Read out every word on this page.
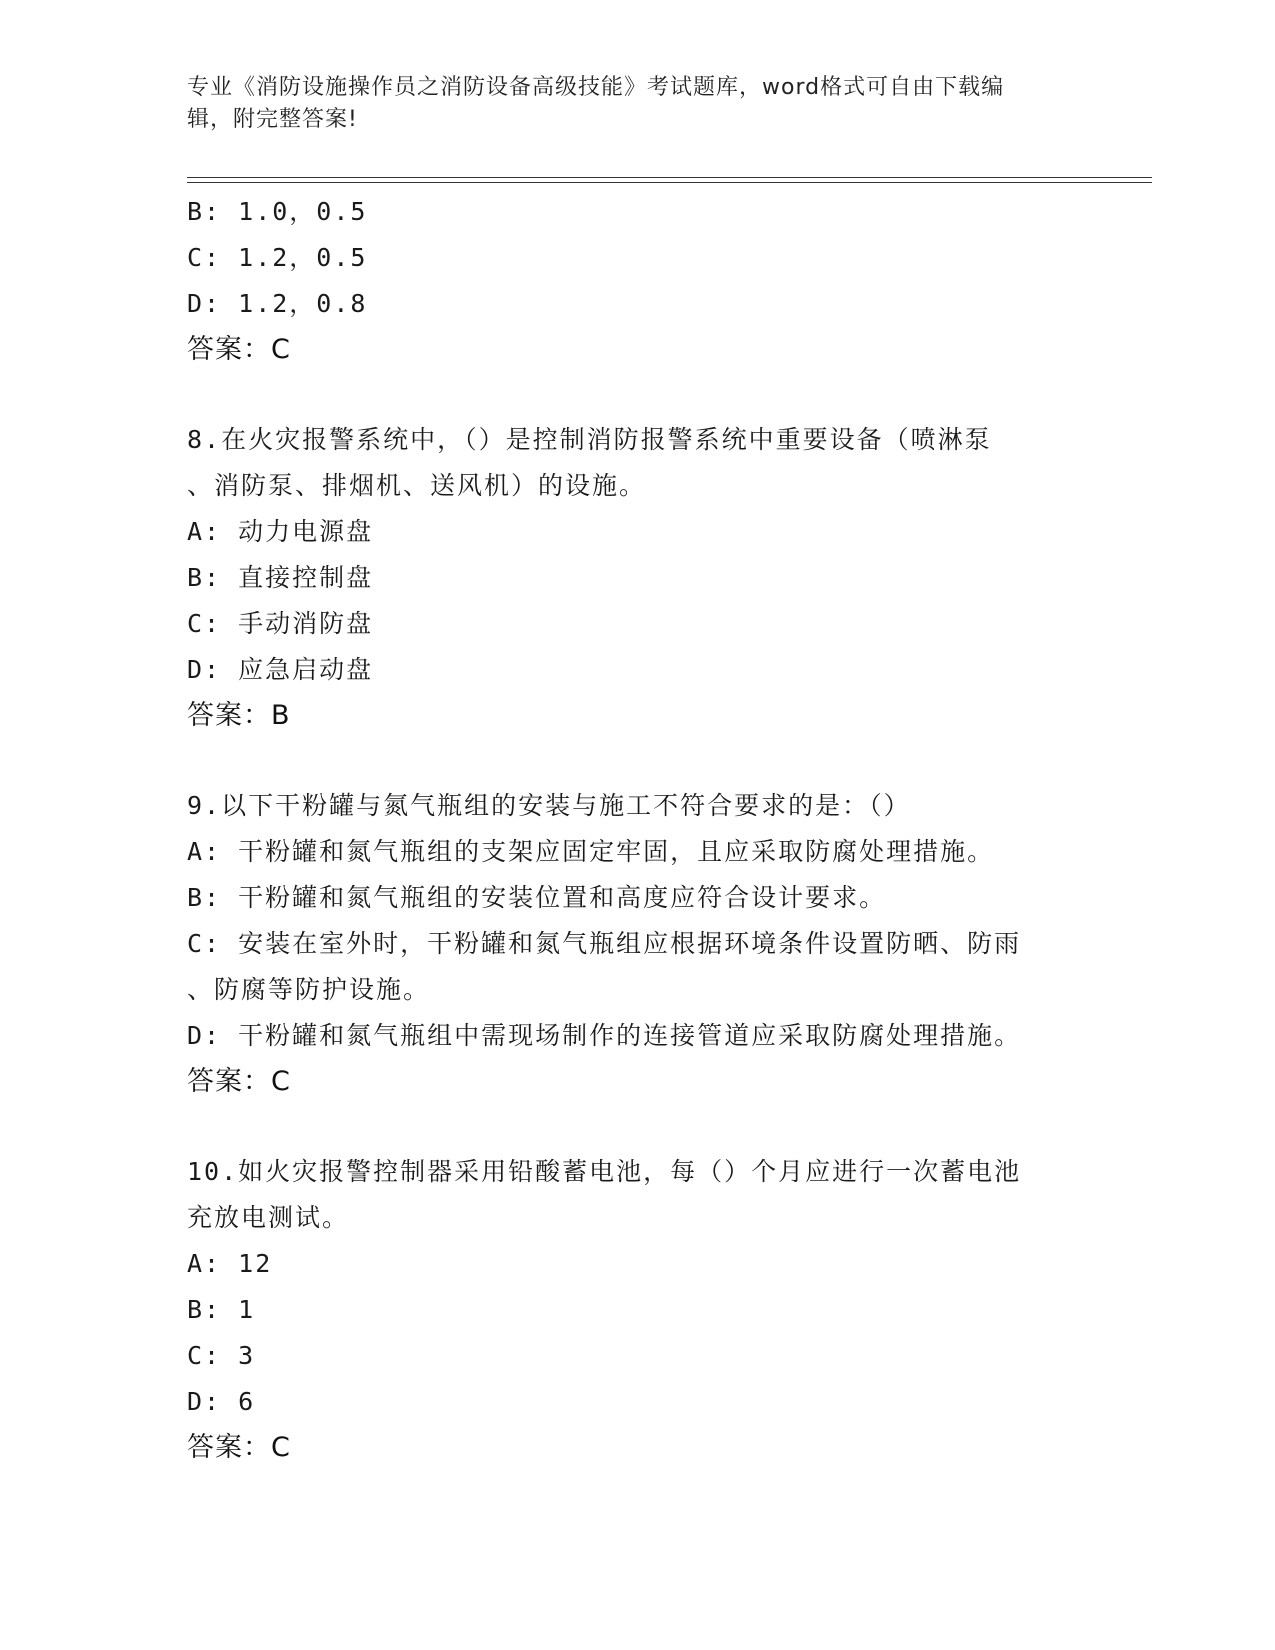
专业《消防设施操作员之消防设备高级技能》考试题库，word格式可自由下载编
辑，附完整答案!
B: 1.0，0.5
C: 1.2，0.5
D: 1.2，0.8
答案：C
8.在火灾报警系统中，（）是控制消防报警系统中重要设备（喷淋泵
、消防泵、排烟机、送风机）的设施。
A: 动力电源盘
B: 直接控制盘
C: 手动消防盘
D: 应急启动盘
答案：B
9.以下干粉罐与氮气瓶组的安装与施工不符合要求的是：（）
A: 干粉罐和氮气瓶组的支架应固定牢固，且应采取防腐处理措施。
B: 干粉罐和氮气瓶组的安装位置和高度应符合设计要求。
C: 安装在室外时，干粉罐和氮气瓶组应根据环境条件设置防晒、防雨
、防腐等防护设施。
D: 干粉罐和氮气瓶组中需现场制作的连接管道应采取防腐处理措施。
答案：C
10.如火灾报警控制器采用铅酸蓄电池，每（）个月应进行一次蓄电池
充放电测试。
A: 12
B: 1
C: 3
D: 6
答案：C
